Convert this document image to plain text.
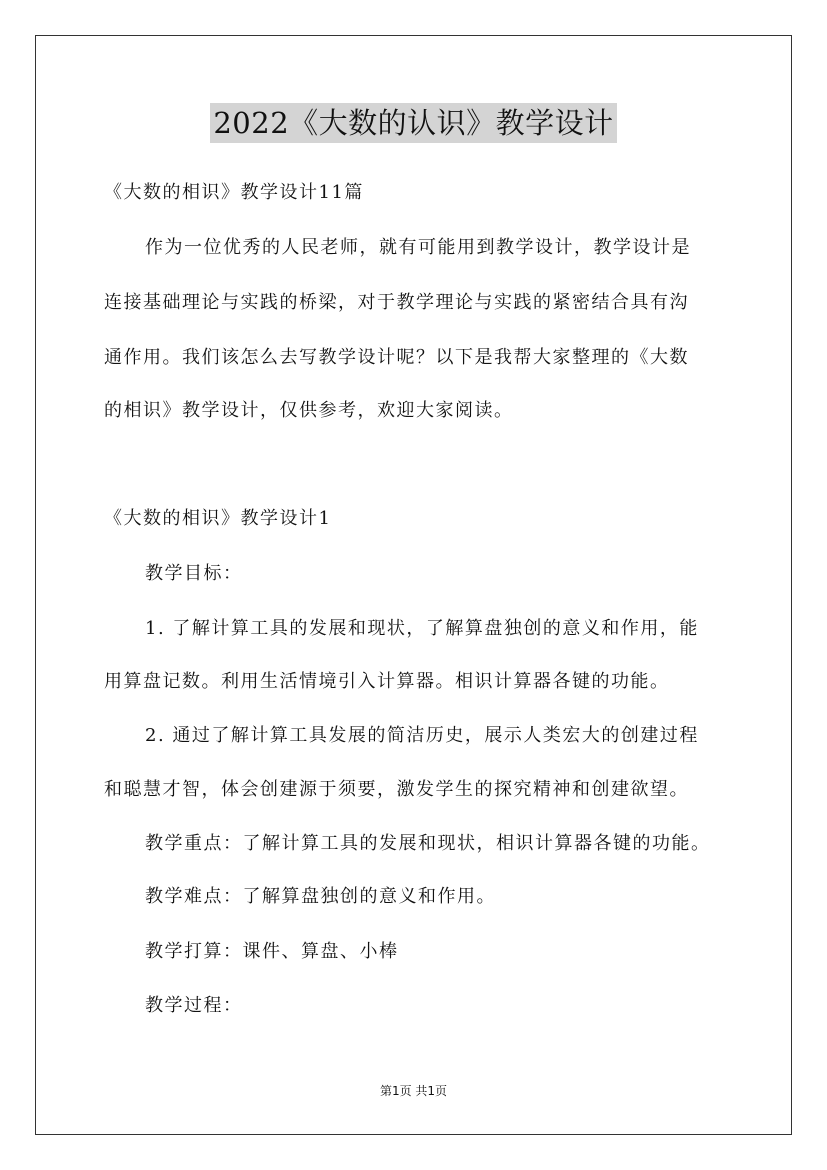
2022《大数的认识》教学设计
《大数的相识》教学设计11篇
作为一位优秀的人民老师，就有可能用到教学设计，教学设计是
连接基础理论与实践的桥梁，对于教学理论与实践的紧密结合具有沟
通作用。我们该怎么去写教学设计呢？以下是我帮大家整理的《大数
的相识》教学设计，仅供参考，欢迎大家阅读。
《大数的相识》教学设计1
教学目标：
1. 了解计算工具的发展和现状，了解算盘独创的意义和作用，能
用算盘记数。利用生活情境引入计算器。相识计算器各键的功能。
2. 通过了解计算工具发展的简洁历史，展示人类宏大的创建过程
和聪慧才智，体会创建源于须要，激发学生的探究精神和创建欲望。
教学重点：了解计算工具的发展和现状，相识计算器各键的功能。
教学难点：了解算盘独创的意义和作用。
教学打算：课件、算盘、小棒
教学过程：
第1页 共1页
